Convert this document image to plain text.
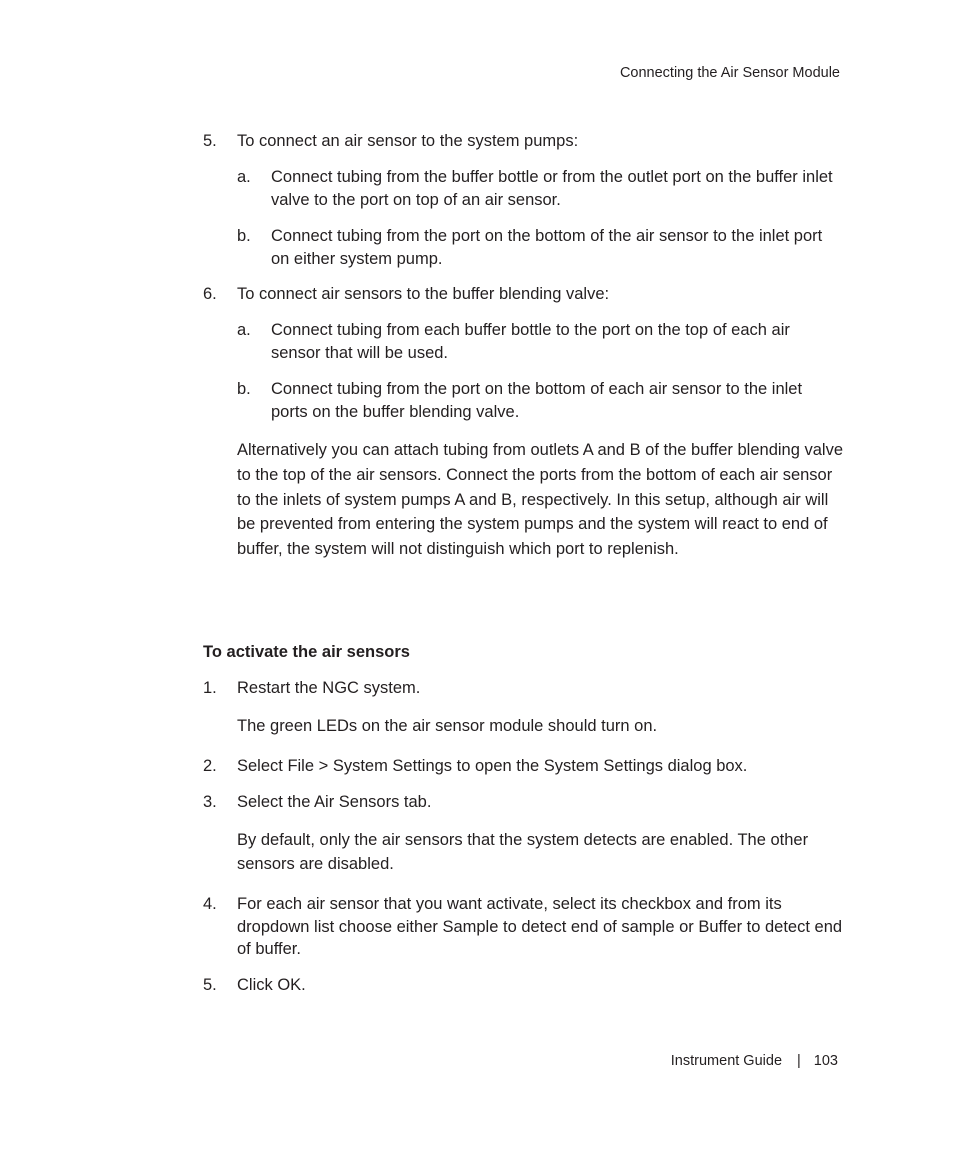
Connecting the Air Sensor Module
5. To connect an air sensor to the system pumps:
a. Connect tubing from the buffer bottle or from the outlet port on the buffer inlet valve to the port on top of an air sensor.
b. Connect tubing from the port on the bottom of the air sensor to the inlet port on either system pump.
6. To connect air sensors to the buffer blending valve:
a. Connect tubing from each buffer bottle to the port on the top of each air sensor that will be used.
b. Connect tubing from the port on the bottom of each air sensor to the inlet ports on the buffer blending valve.
Alternatively you can attach tubing from outlets A and B of the buffer blending valve to the top of the air sensors. Connect the ports from the bottom of each air sensor to the inlets of system pumps A and B, respectively. In this setup, although air will be prevented from entering the system pumps and the system will react to end of buffer, the system will not distinguish which port to replenish.
To activate the air sensors
1. Restart the NGC system.
The green LEDs on the air sensor module should turn on.
2. Select File > System Settings to open the System Settings dialog box.
3. Select the Air Sensors tab.
By default, only the air sensors that the system detects are enabled. The other sensors are disabled.
4. For each air sensor that you want activate, select its checkbox and from its dropdown list choose either Sample to detect end of sample or Buffer to detect end of buffer.
5. Click OK.
Instrument Guide | 103
